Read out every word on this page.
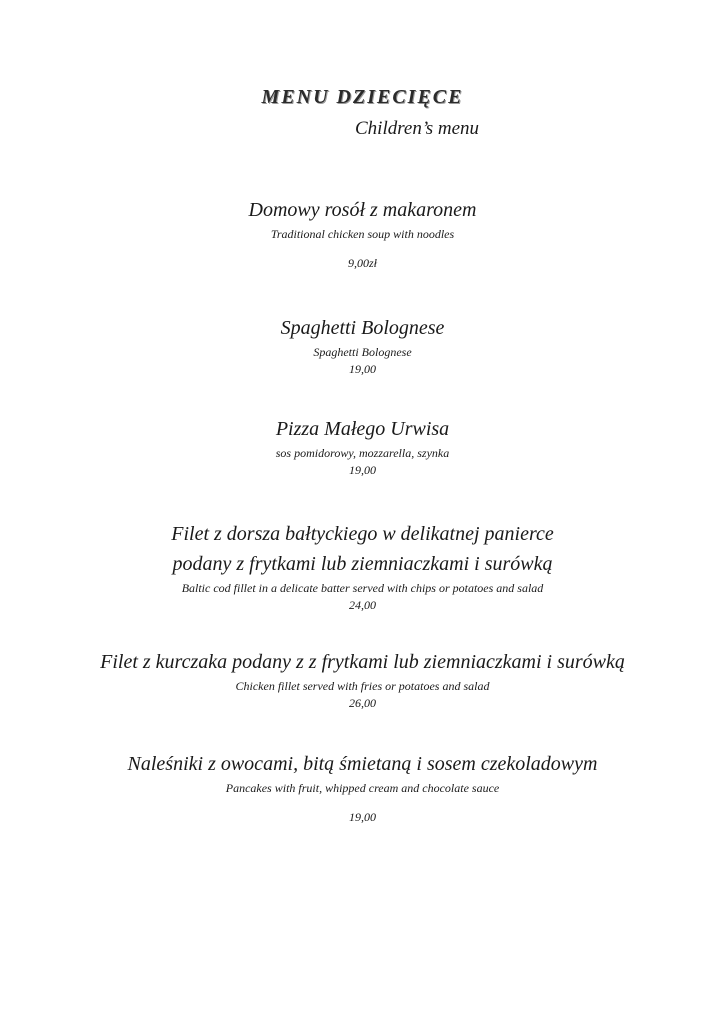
MENU DZIECIĘCE
Children’s menu
Domowy rosół z makaronem
Traditional chicken soup with noodles
9,00zł
Spaghetti Bolognese
Spaghetti Bolognese
19,00
Pizza Małego Urwisa
sos pomidorowy, mozzarella, szynka
19,00
Filet z dorsza bałtyckiego w delikatnej panierce
podany z frytkami lub ziemniaczkami i surówką
Baltic cod fillet in a delicate batter served with chips or potatoes and salad
24,00
Filet z kurczaka podany z z frytkami lub ziemniaczkami i surówką
Chicken fillet served with fries or potatoes and salad
26,00
Naleśniki z owocami, bitą śmietaną i sosem czekoladowym
Pancakes with fruit, whipped cream and chocolate sauce
19,00
